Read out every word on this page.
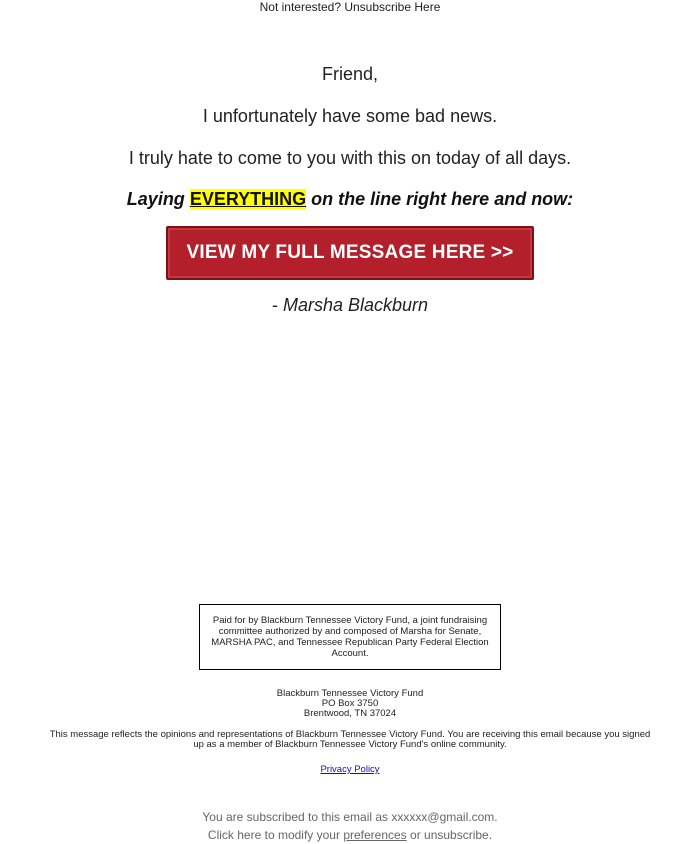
Not interested? Unsubscribe Here
Friend,
I unfortunately have some bad news.
I truly hate to come to you with this on today of all days.
Laying EVERYTHING on the line right here and now:
VIEW MY FULL MESSAGE HERE >>
- Marsha Blackburn
Paid for by Blackburn Tennessee Victory Fund, a joint fundraising committee authorized by and composed of Marsha for Senate, MARSHA PAC, and Tennessee Republican Party Federal Election Account.
Blackburn Tennessee Victory Fund
PO Box 3750
Brentwood, TN 37024
This message reflects the opinions and representations of Blackburn Tennessee Victory Fund. You are receiving this email because you signed up as a member of Blackburn Tennessee Victory Fund's online community.
Privacy Policy
You are subscribed to this email as xxxxxx@gmail.com.
Click here to modify your preferences or unsubscribe.
